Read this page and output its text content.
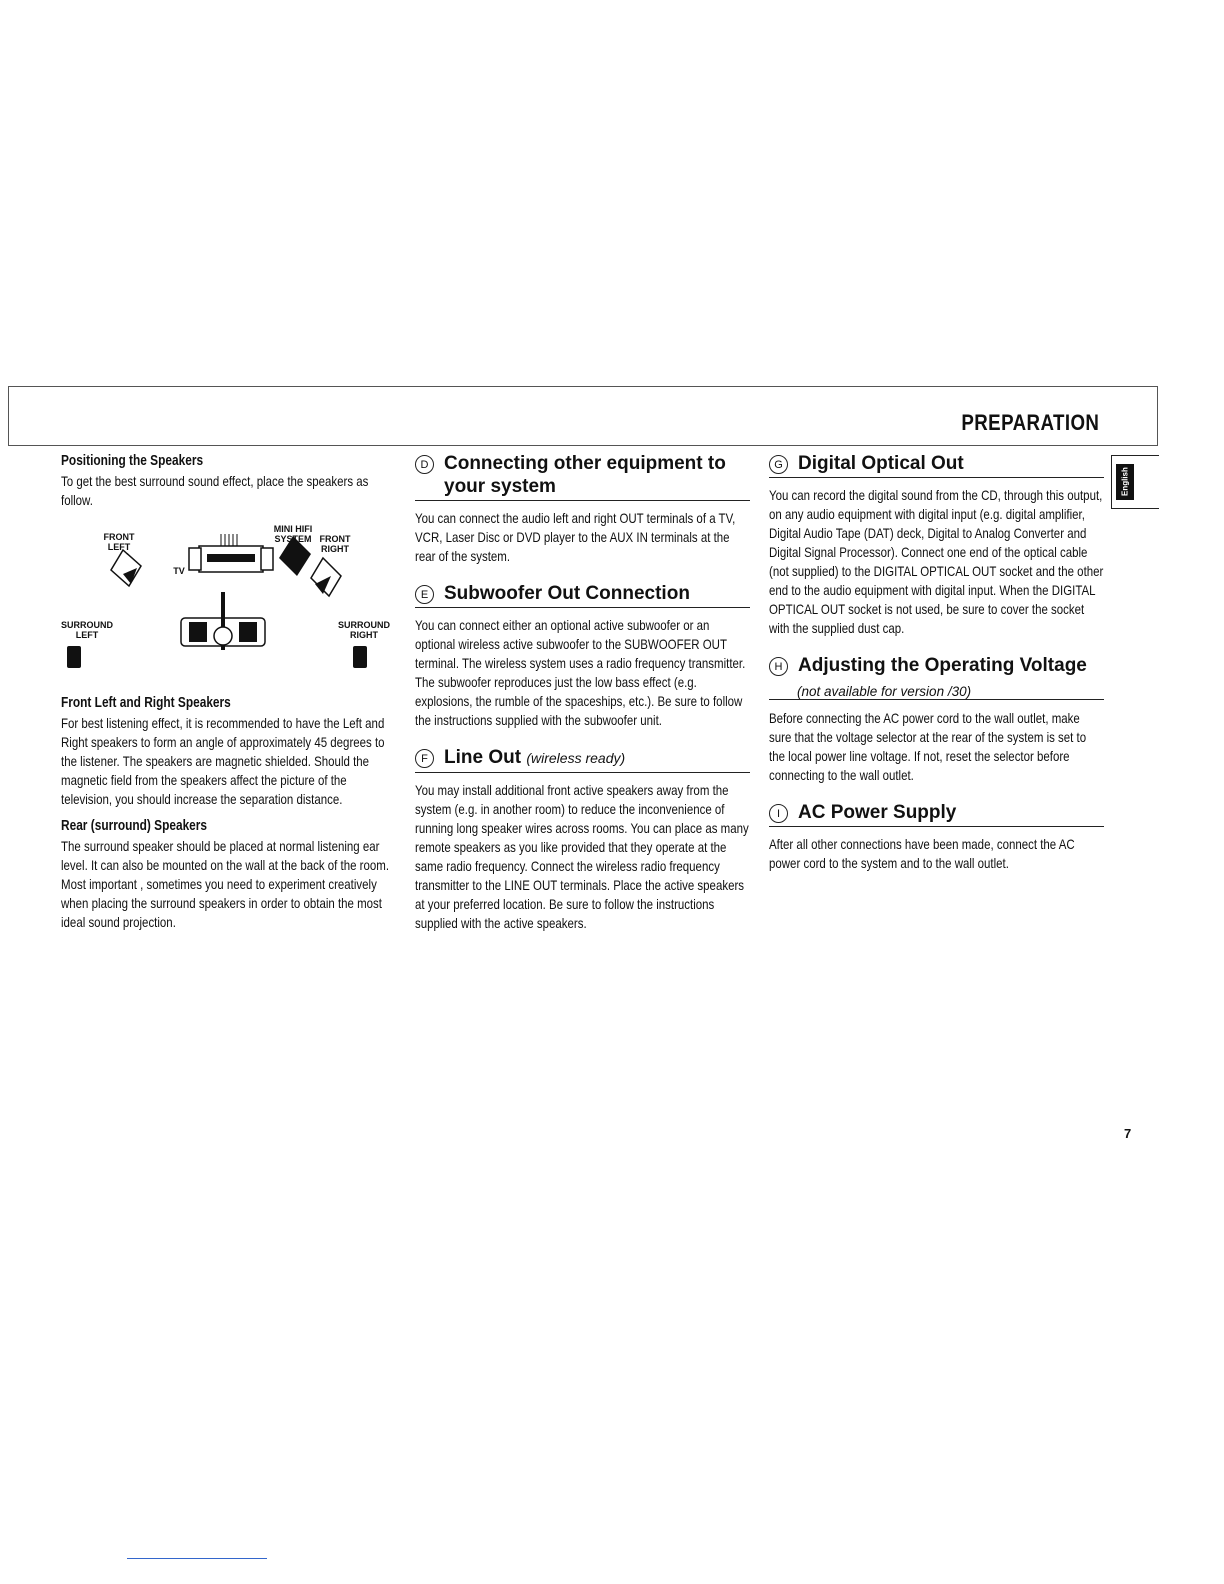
PREPARATION
English
Positioning the Speakers

To get the best surround sound effect, place the speakers as follow.

MINI HIFI SYSTEM
FRONT LEFT
FRONT RIGHT
TV
SURROUND LEFT
SURROUND RIGHT
Front Left and Right Speakers

For best listening effect, it is recommended to have the Left and Right speakers to form an angle of approximately 45 degrees to the listener. The speakers are magnetic shielded. Should the magnetic field from the speakers affect the picture of the television, you should increase the separation distance.

Rear (surround) Speakers

The surround speaker should be placed at normal listening ear level. It can also be mounted on the wall at the back of the room. Most important , sometimes you need to experiment creatively when placing the surround speakers in order to obtain the most ideal sound projection.

D Connecting other equipment to your system

You can connect the audio left and right OUT terminals of a TV, VCR, Laser Disc or DVD player to the AUX IN terminals at the rear of the system.

E Subwoofer Out Connection

You can connect either an optional active subwoofer or an optional wireless active subwoofer to the SUBWOOFER OUT terminal. The wireless system uses a radio frequency transmitter. The subwoofer reproduces just the low bass effect (e.g. explosions, the rumble of the spaceships, etc.). Be sure to follow the instructions supplied with the subwoofer unit.

F Line Out (wireless ready)

You may install additional front active speakers away from the system (e.g. in another room) to reduce the inconvenience of running long speaker wires across rooms. You can place as many remote speakers as you like provided that they operate at the same radio frequency. Connect the wireless radio frequency transmitter to the LINE OUT terminals. Place the active speakers at your preferred location. Be sure to follow the instructions supplied with the active speakers.

G Digital Optical Out

You can record the digital sound from the CD, through this output, on any audio equipment with digital input (e.g. digital amplifier, Digital Audio Tape (DAT) deck, Digital to Analog Converter and Digital Signal Processor). Connect one end of the optical cable (not supplied) to the DIGITAL OPTICAL OUT socket and the other end to the audio equipment with digital input. When the DIGITAL OPTICAL OUT socket is not used, be sure to cover the socket with the supplied dust cap.

H Adjusting the Operating Voltage
(not available for version /30)

Before connecting the AC power cord to the wall outlet, make sure that the voltage selector at the rear of the system is set to the local power line voltage. If not, reset the selector before connecting to the wall outlet.

I AC Power Supply

After all other connections have been made, connect the AC power cord to the system and to the wall outlet.

7
